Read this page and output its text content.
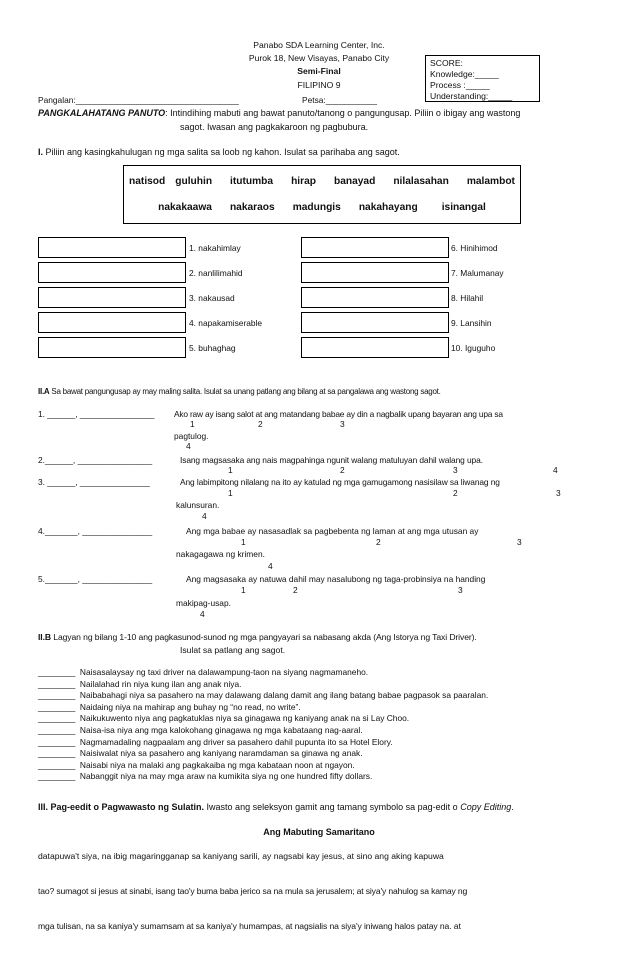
Panabo SDA Learning Center, Inc.
Purok 18, New Visayas, Panabo City
Semi-Final
FILIPINO 9
SCORE:
Knowledge:_____
Process :_____
Understanding:_____
Pangalan:___________________________________	Petsa:___________
PANGKALAHATANG PANUTO: Intindihing mabuti ang bawat panuto/tanong o pangungusap. Piliin o ibigay ang wastong
sagot. Iwasan ang pagkakaroon ng pagbubura.
I. Piliin ang kasingkahulugan ng mga salita sa loob ng kahon. Isulat sa parihaba ang sagot.
natisod guluhin itutumba hirap banayad nilalasahan malambot
nakakaawa nakaraos madungis nakahayang isinangal
1. nakahimlay
2. nanlilimahid
3. nakausad
4. napakamiserable
5. buhaghag
6. Hinihimod
7. Malumanay
8. Hilahil
9. Lansihin
10. Iguguho
II.A Sa bawat pangungusap ay may maling salita. Isulat sa unang patlang ang bilang at sa pangalawa ang wastong sagot.
1. ______, ________________ Ako raw ay isang salot at ang matandang babae ay din a nagbalik upang bayaran ang upa sa
pagtulog.
1	2	3
4
2.______, ________________	Isang magsasaka ang nais magpahinga ngunit walang matuluyan dahil walang upa.
1	2	3	4
3. ______, _______________	Ang labimpitong nilalang na ito ay katulad ng mga gamugamong nasisilaw sa liwanag ng
kalunsuran.
1	2	3
4
4._______, _______________	Ang mga babae ay nasasadlak sa pagbebenta ng laman at ang mga utusan ay
nakagagawa ng krimen.
1	2	3
4
5._______, _______________	Ang magsasaka ay natuwa dahil may nasalubong ng taga-probinsiya na handing
makipag-usap.
1	2	3
4
II.B Lagyan ng bilang 1-10 ang pagkasunod-sunod ng mga pangyayari sa nabasang akda (Ang Istorya ng Taxi Driver).
Isulat sa patlang ang sagot.
________ Naisasalaysay ng taxi driver na dalawampung-taon na siyang nagmamaneho.
________ Nailalahad rin niya kung ilan ang anak niya.
________ Naibabahagi niya sa pasahero na may dalawang dalang damit ang ilang batang babae pagpasok sa paaralan.
________ Naidaing niya na mahirap ang buhay ng “no read, no write”.
________ Naikukuwento niya ang pagkatuklas niya sa ginagawa ng kaniyang anak na si Lay Choo.
________ Naisa-isa niya ang mga kalokohang ginagawa ng mga kabataang nag-aaral.
________ Nagmamadaling nagpaalam ang driver sa pasahero dahil pupunta ito sa Hotel Elory.
________ Naisiwalat niya sa pasahero ang kaniyang naramdaman sa ginawa ng anak.
________ Naisabi niya na malaki ang pagkakaiba ng mga kabataan noon at ngayon.
________ Nabanggit niya na may mga araw na kumikita siya ng one hundred fifty dollars.
III. Pag-eedit o Pagwawasto ng Sulatin. Iwasto ang seleksyon gamit ang tamang symbolo sa pag-edit o Copy Editing.
Ang Mabuting Samaritano
datapuwa't siya, na ibig magaringganap sa kaniyang sarili, ay nagsabi kay jesus, at sino ang aking kapuwa
tao? sumagot si jesus at sinabi, isang tao'y buma baba jerico sa na mula sa jerusalem; at siya'y nahulog sa kamay ng
mga tulisan, na sa kaniya'y sumamsam at sa kaniya'y humampas, at nagsialis na siya'y iniwang halos patay na. at
